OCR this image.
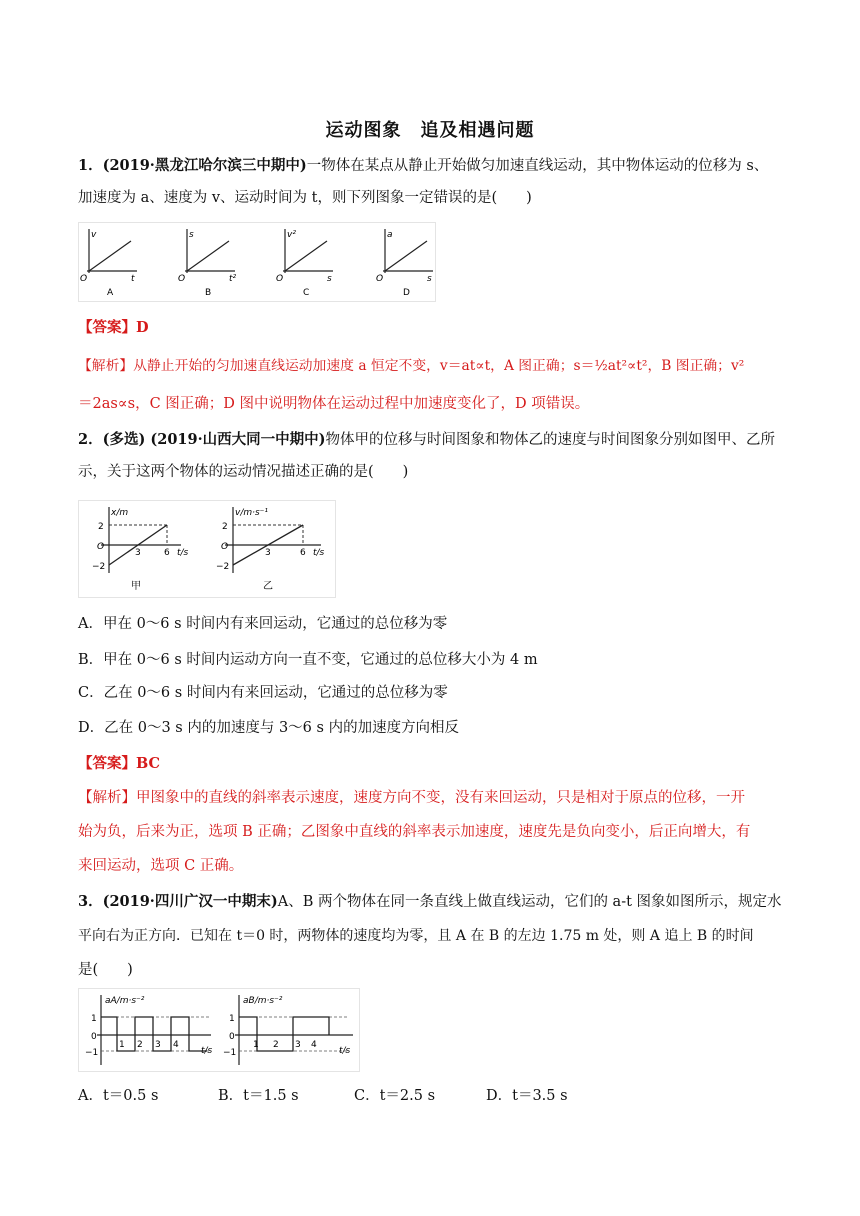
运动图象　追及相遇问题
1．(2019·黑龙江哈尔滨三中期中)一物体在某点从静止开始做匀加速直线运动，其中物体运动的位移为 s、
加速度为 a、速度为 v、运动时间为 t，则下列图象一定错误的是(　　)
v
t
O
A
s
t²
O
B
v²
s
O
C
a
s
O
D
【答案】D
【解析】从静止开始的匀加速直线运动加速度 a 恒定不变，v＝at∝t，A 图正确；s＝½at²∝t²，B 图正确；v²
＝2as∝s，C 图正确；D 图中说明物体在运动过程中加速度变化了，D 项错误。
2．(多选) (2019·山西大同一中期中)物体甲的位移与时间图象和物体乙的速度与时间图象分别如图甲、乙所
示，关于这两个物体的运动情况描述正确的是(　　)
x/m
t/s
O
2
−2
3	6
甲
v/m·s⁻¹
t/s
O
2
−2
3	6
乙
A．甲在 0～6 s 时间内有来回运动，它通过的总位移为零
B．甲在 0～6 s 时间内运动方向一直不变，它通过的总位移大小为 4 m
C．乙在 0～6 s 时间内有来回运动，它通过的总位移为零
D．乙在 0～3 s 内的加速度与 3～6 s 内的加速度方向相反
【答案】BC
【解析】甲图象中的直线的斜率表示速度，速度方向不变，没有来回运动，只是相对于原点的位移，一开
始为负，后来为正，选项 B 正确；乙图象中直线的斜率表示加速度，速度先是负向变小，后正向增大，有
来回运动，选项 C 正确。
3．(2019·四川广汉一中期末)A、B 两个物体在同一条直线上做直线运动，它们的 a-t 图象如图所示，规定水
平向右为正方向．已知在 t＝0 时，两物体的速度均为零，且 A 在 B 的左边 1.75 m 处，则 A 追上 B 的时间
是(　　)
aA/m·s⁻²
t/s
0
1
−1
1 2 3 4
aB/m·s⁻²
t/s
0
1
−1
1 2 3 4
A．t＝0.5 s	B．t＝1.5 s	C．t＝2.5 s	D．t＝3.5 s
